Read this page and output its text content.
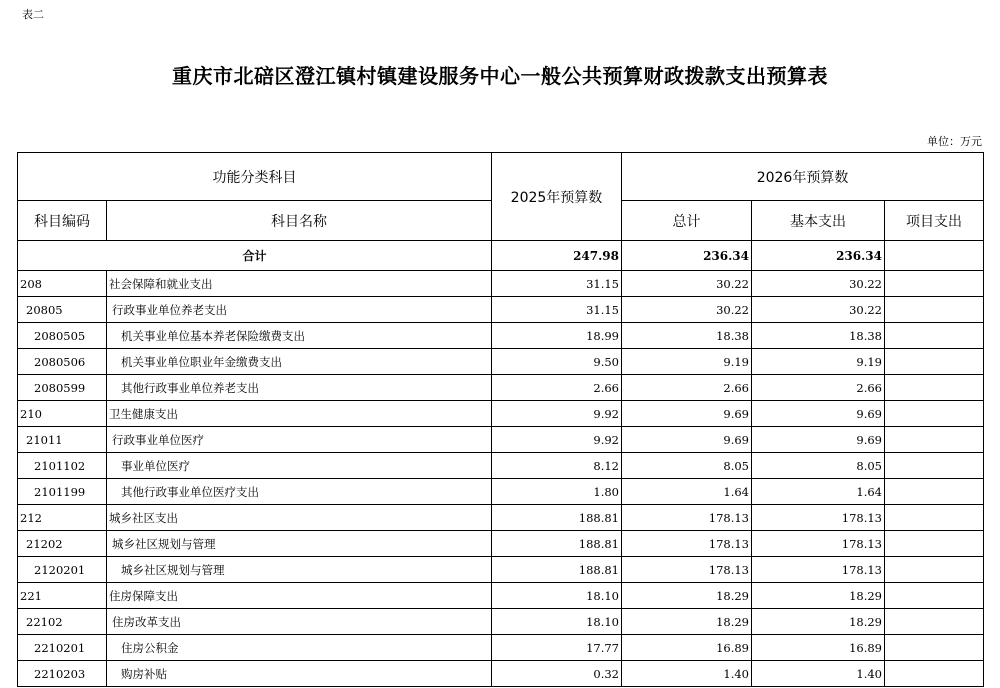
表二
重庆市北碚区澄江镇村镇建设服务中心一般公共预算财政拨款支出预算表
单位：万元
功能分类科目		2025年预算数	2026年预算数		
科目编码	科目名称		总计	基本支出	项目支出
合计		247.98	236.34	236.34	
208	社会保障和就业支出	31.15	30.22	30.22	
20805	行政事业单位养老支出	31.15	30.22	30.22	
2080505	机关事业单位基本养老保险缴费支出	18.99	18.38	18.38	
2080506	机关事业单位职业年金缴费支出	9.50	9.19	9.19	
2080599	其他行政事业单位养老支出	2.66	2.66	2.66	
210	卫生健康支出	9.92	9.69	9.69	
21011	行政事业单位医疗	9.92	9.69	9.69	
2101102	事业单位医疗	8.12	8.05	8.05	
2101199	其他行政事业单位医疗支出	1.80	1.64	1.64	
212	城乡社区支出	188.81	178.13	178.13	
21202	城乡社区规划与管理	188.81	178.13	178.13	
2120201	城乡社区规划与管理	188.81	178.13	178.13	
221	住房保障支出	18.10	18.29	18.29	
22102	住房改革支出	18.10	18.29	18.29	
2210201	住房公积金	17.77	16.89	16.89	
2210203	购房补贴	0.32	1.40	1.40	
